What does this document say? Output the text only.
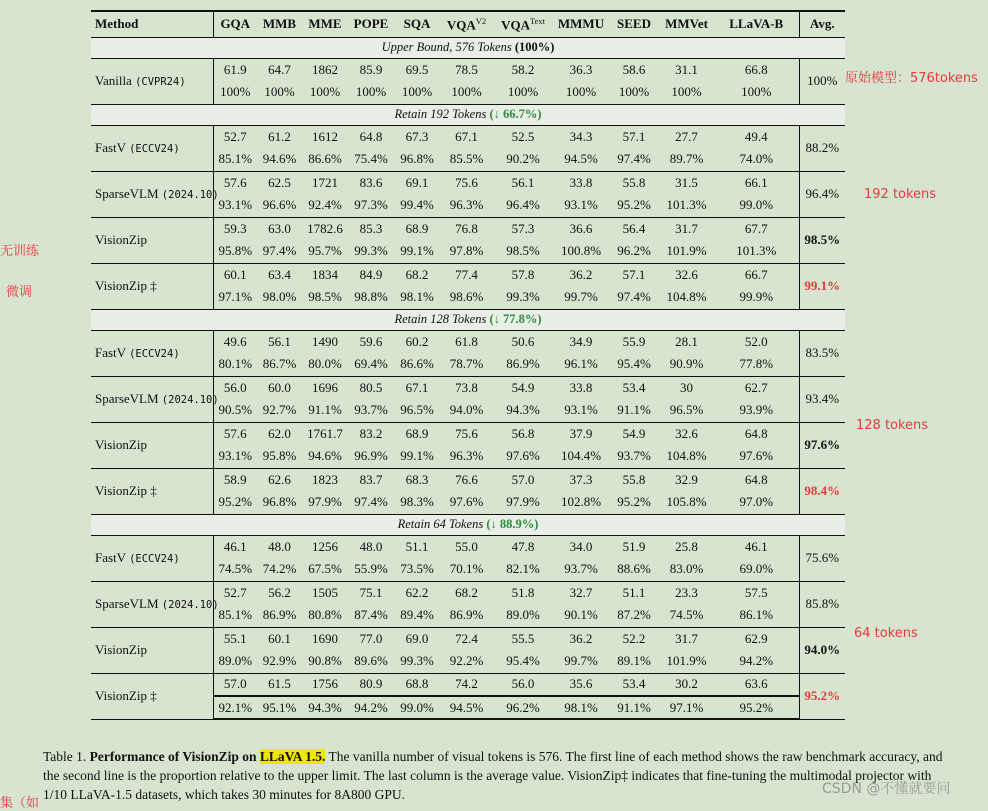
Method	GQA	MMB	MME	POPE	SQA	$VQA^{V2}$	$VQA^{Text}$	MMMU	SEED	MMVet	LLaVA-B	Avg.
Upper Bound, 576 Tokens (100%)												
Vanilla (CVPR24)	61.9	64.7	1862	85.9	69.5	78.5	58.2	36.3	58.6	31.1	66.8	100%
	100%	100%	100%	100%	100%	100%	100%	100%	100%	100%	100%	
Retain 192 Tokens (↓ 66.7%)												
FastV (ECCV24)	52.7	61.2	1612	64.8	67.3	67.1	52.5	34.3	57.1	27.7	49.4	88.2%
	85.1%	94.6%	86.6%	75.4%	96.8%	85.5%	90.2%	94.5%	97.4%	89.7%	74.0%	
SparseVLM (2024.10)	57.6	62.5	1721	83.6	69.1	75.6	56.1	33.8	55.8	31.5	66.1	96.4%
	93.1%	96.6%	92.4%	97.3%	99.4%	96.3%	96.4%	93.1%	95.2%	101.3%	99.0%	
VisionZip	59.3	63.0	1782.6	85.3	68.9	76.8	57.3	36.6	56.4	31.7	67.7	98.5%
	95.8%	97.4%	95.7%	99.3%	99.1%	97.8%	98.5%	100.8%	96.2%	101.9%	101.3%	
VisionZip ‡	60.1	63.4	1834	84.9	68.2	77.4	57.8	36.2	57.1	32.6	66.7	99.1%
	97.1%	98.0%	98.5%	98.8%	98.1%	98.6%	99.3%	99.7%	97.4%	104.8%	99.9%	
Retain 128 Tokens (↓ 77.8%)												
FastV (ECCV24)	49.6	56.1	1490	59.6	60.2	61.8	50.6	34.9	55.9	28.1	52.0	83.5%
	80.1%	86.7%	80.0%	69.4%	86.6%	78.7%	86.9%	96.1%	95.4%	90.9%	77.8%	
SparseVLM (2024.10)	56.0	60.0	1696	80.5	67.1	73.8	54.9	33.8	53.4	30	62.7	93.4%
	90.5%	92.7%	91.1%	93.7%	96.5%	94.0%	94.3%	93.1%	91.1%	96.5%	93.9%	
VisionZip	57.6	62.0	1761.7	83.2	68.9	75.6	56.8	37.9	54.9	32.6	64.8	97.6%
	93.1%	95.8%	94.6%	96.9%	99.1%	96.3%	97.6%	104.4%	93.7%	104.8%	97.6%	
VisionZip ‡	58.9	62.6	1823	83.7	68.3	76.6	57.0	37.3	55.8	32.9	64.8	98.4%
	95.2%	96.8%	97.9%	97.4%	98.3%	97.6%	97.9%	102.8%	95.2%	105.8%	97.0%	
Retain 64 Tokens (↓ 88.9%)												
FastV (ECCV24)	46.1	48.0	1256	48.0	51.1	55.0	47.8	34.0	51.9	25.8	46.1	75.6%
	74.5%	74.2%	67.5%	55.9%	73.5%	70.1%	82.1%	93.7%	88.6%	83.0%	69.0%	
SparseVLM (2024.10)	52.7	56.2	1505	75.1	62.2	68.2	51.8	32.7	51.1	23.3	57.5	85.8%
	85.1%	86.9%	80.8%	87.4%	89.4%	86.9%	89.0%	90.1%	87.2%	74.5%	86.1%	
VisionZip	55.1	60.1	1690	77.0	69.0	72.4	55.5	36.2	52.2	31.7	62.9	94.0%
	89.0%	92.9%	90.8%	89.6%	99.3%	92.2%	95.4%	99.7%	89.1%	101.9%	94.2%	
VisionZip ‡	57.0	61.5	1756	80.9	68.8	74.2	56.0	35.6	53.4	30.2	63.6	95.2%
	92.1%	95.1%	94.3%	94.2%	99.0%	94.5%	96.2%	98.1%	91.1%	97.1%	95.2%	
原始模型：576tokens
192 tokens
128 tokens
64 tokens
无训练
微调
集（如
Table 1. Performance of VisionZip on LLaVA 1.5. The vanilla number of visual tokens is 576. The first line of each method shows the raw benchmark accuracy, and the second line is the proportion relative to the upper limit. The last column is the average value. VisionZip‡ indicates that fine-tuning the multimodal projector with 1/10 LLaVA-1.5 datasets, which takes 30 minutes for 8A800 GPU.	CSDN @不懂就要问
